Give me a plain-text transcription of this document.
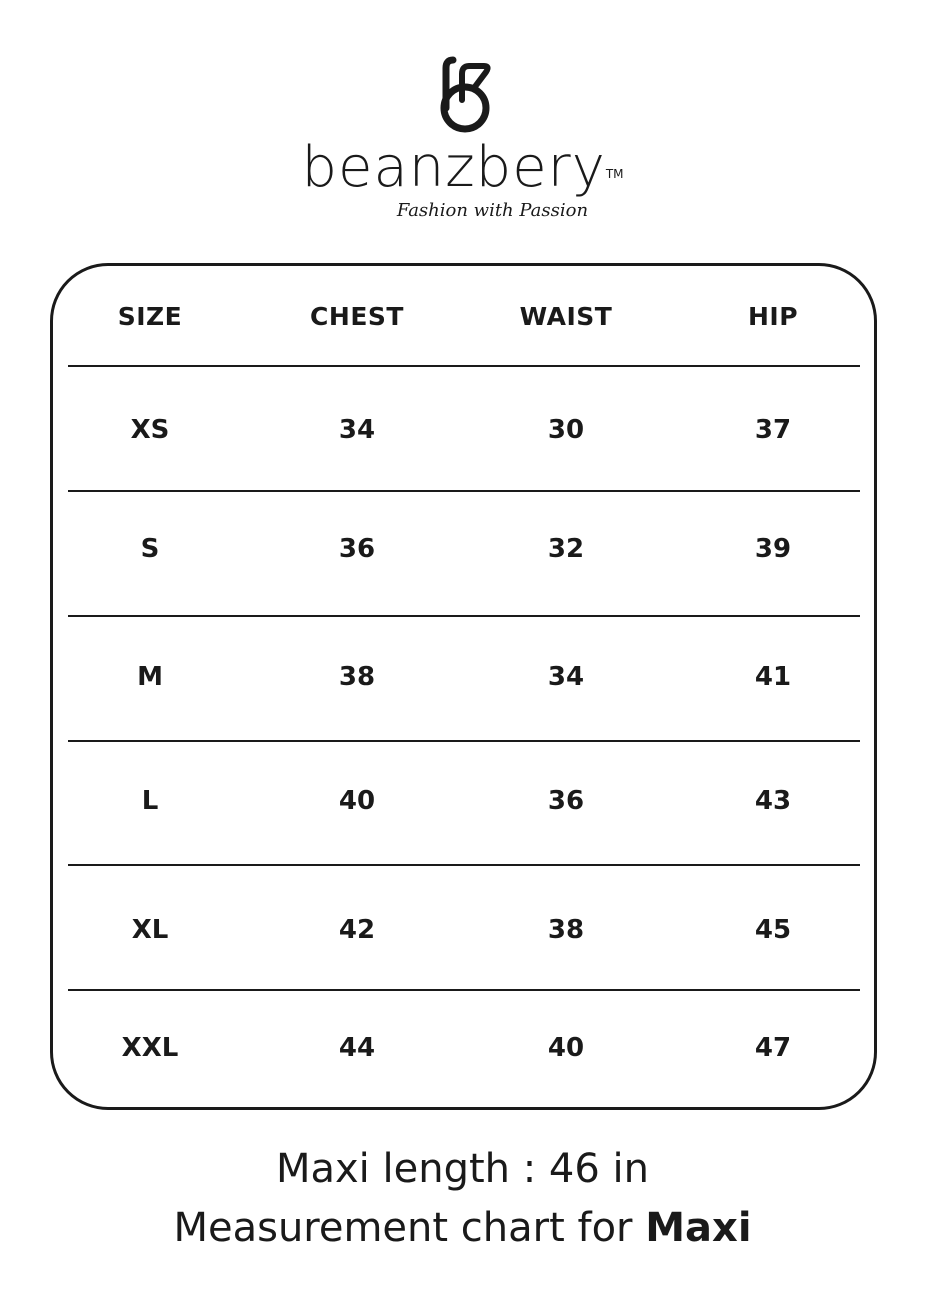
beanzbery™
Fashion with Passion
SIZE	CHEST	WAIST	HIP
XS	34	30	37
S	36	32	39
M	38	34	41
L	40	36	43
XL	42	38	45
XXL	44	40	47
Maxi length : 46 in
Measurement chart for Maxi
